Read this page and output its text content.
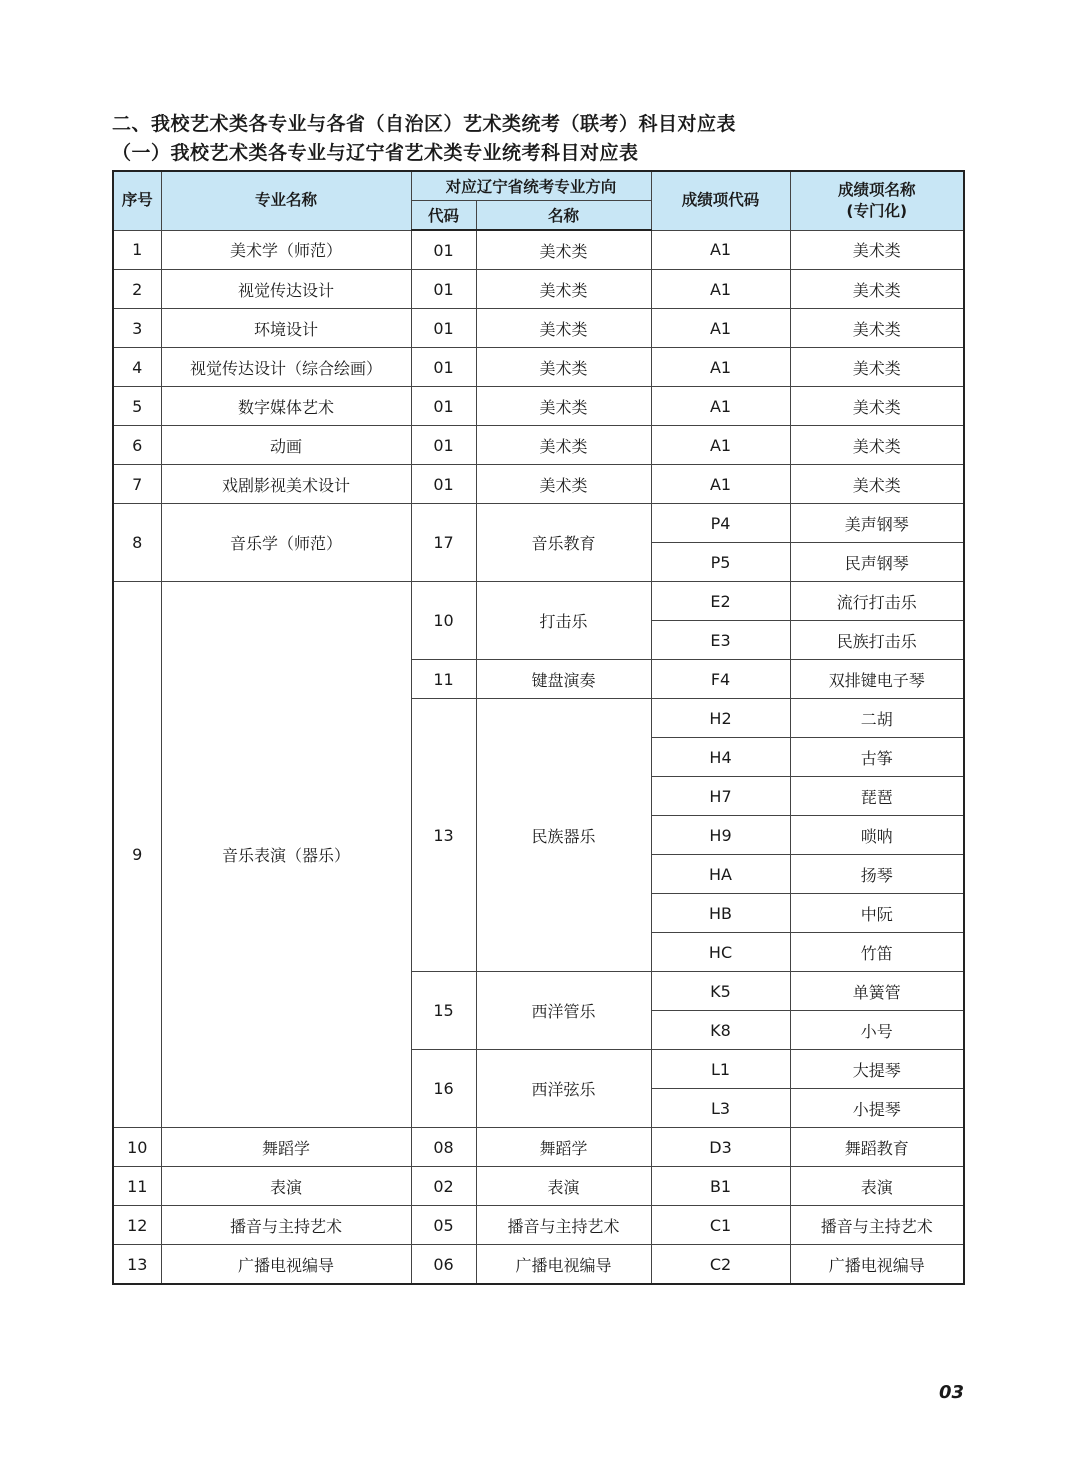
二、我校艺术类各专业与各省（自治区）艺术类统考（联考）科目对应表
（一）我校艺术类各专业与辽宁省艺术类专业统考科目对应表
序号	专业名称	对应辽宁省统考专业方向		成绩项代码	成绩项名称
(专门化)
		代码	名称		
1	美术学（师范）	01	美术类	A1	美术类
2	视觉传达设计	01	美术类	A1	美术类
3	环境设计	01	美术类	A1	美术类
4	视觉传达设计（综合绘画）	01	美术类	A1	美术类
5	数字媒体艺术	01	美术类	A1	美术类
6	动画	01	美术类	A1	美术类
7	戏剧影视美术设计	01	美术类	A1	美术类
8	音乐学（师范）	17	音乐教育	P4	美声钢琴
				P5	民声钢琴
9	音乐表演（器乐）	10	打击乐	E2	流行打击乐
				E3	民族打击乐
		11	键盘演奏	F4	双排键电子琴
		13	民族器乐	H2	二胡
				H4	古筝
				H7	琵琶
				H9	唢呐
				HA	扬琴
				HB	中阮
				HC	竹笛
		15	西洋管乐	K5	单簧管
				K8	小号
		16	西洋弦乐	L1	大提琴
				L3	小提琴
10	舞蹈学	08	舞蹈学	D3	舞蹈教育
11	表演	02	表演	B1	表演
12	播音与主持艺术	05	播音与主持艺术	C1	播音与主持艺术
13	广播电视编导	06	广播电视编导	C2	广播电视编导
03
